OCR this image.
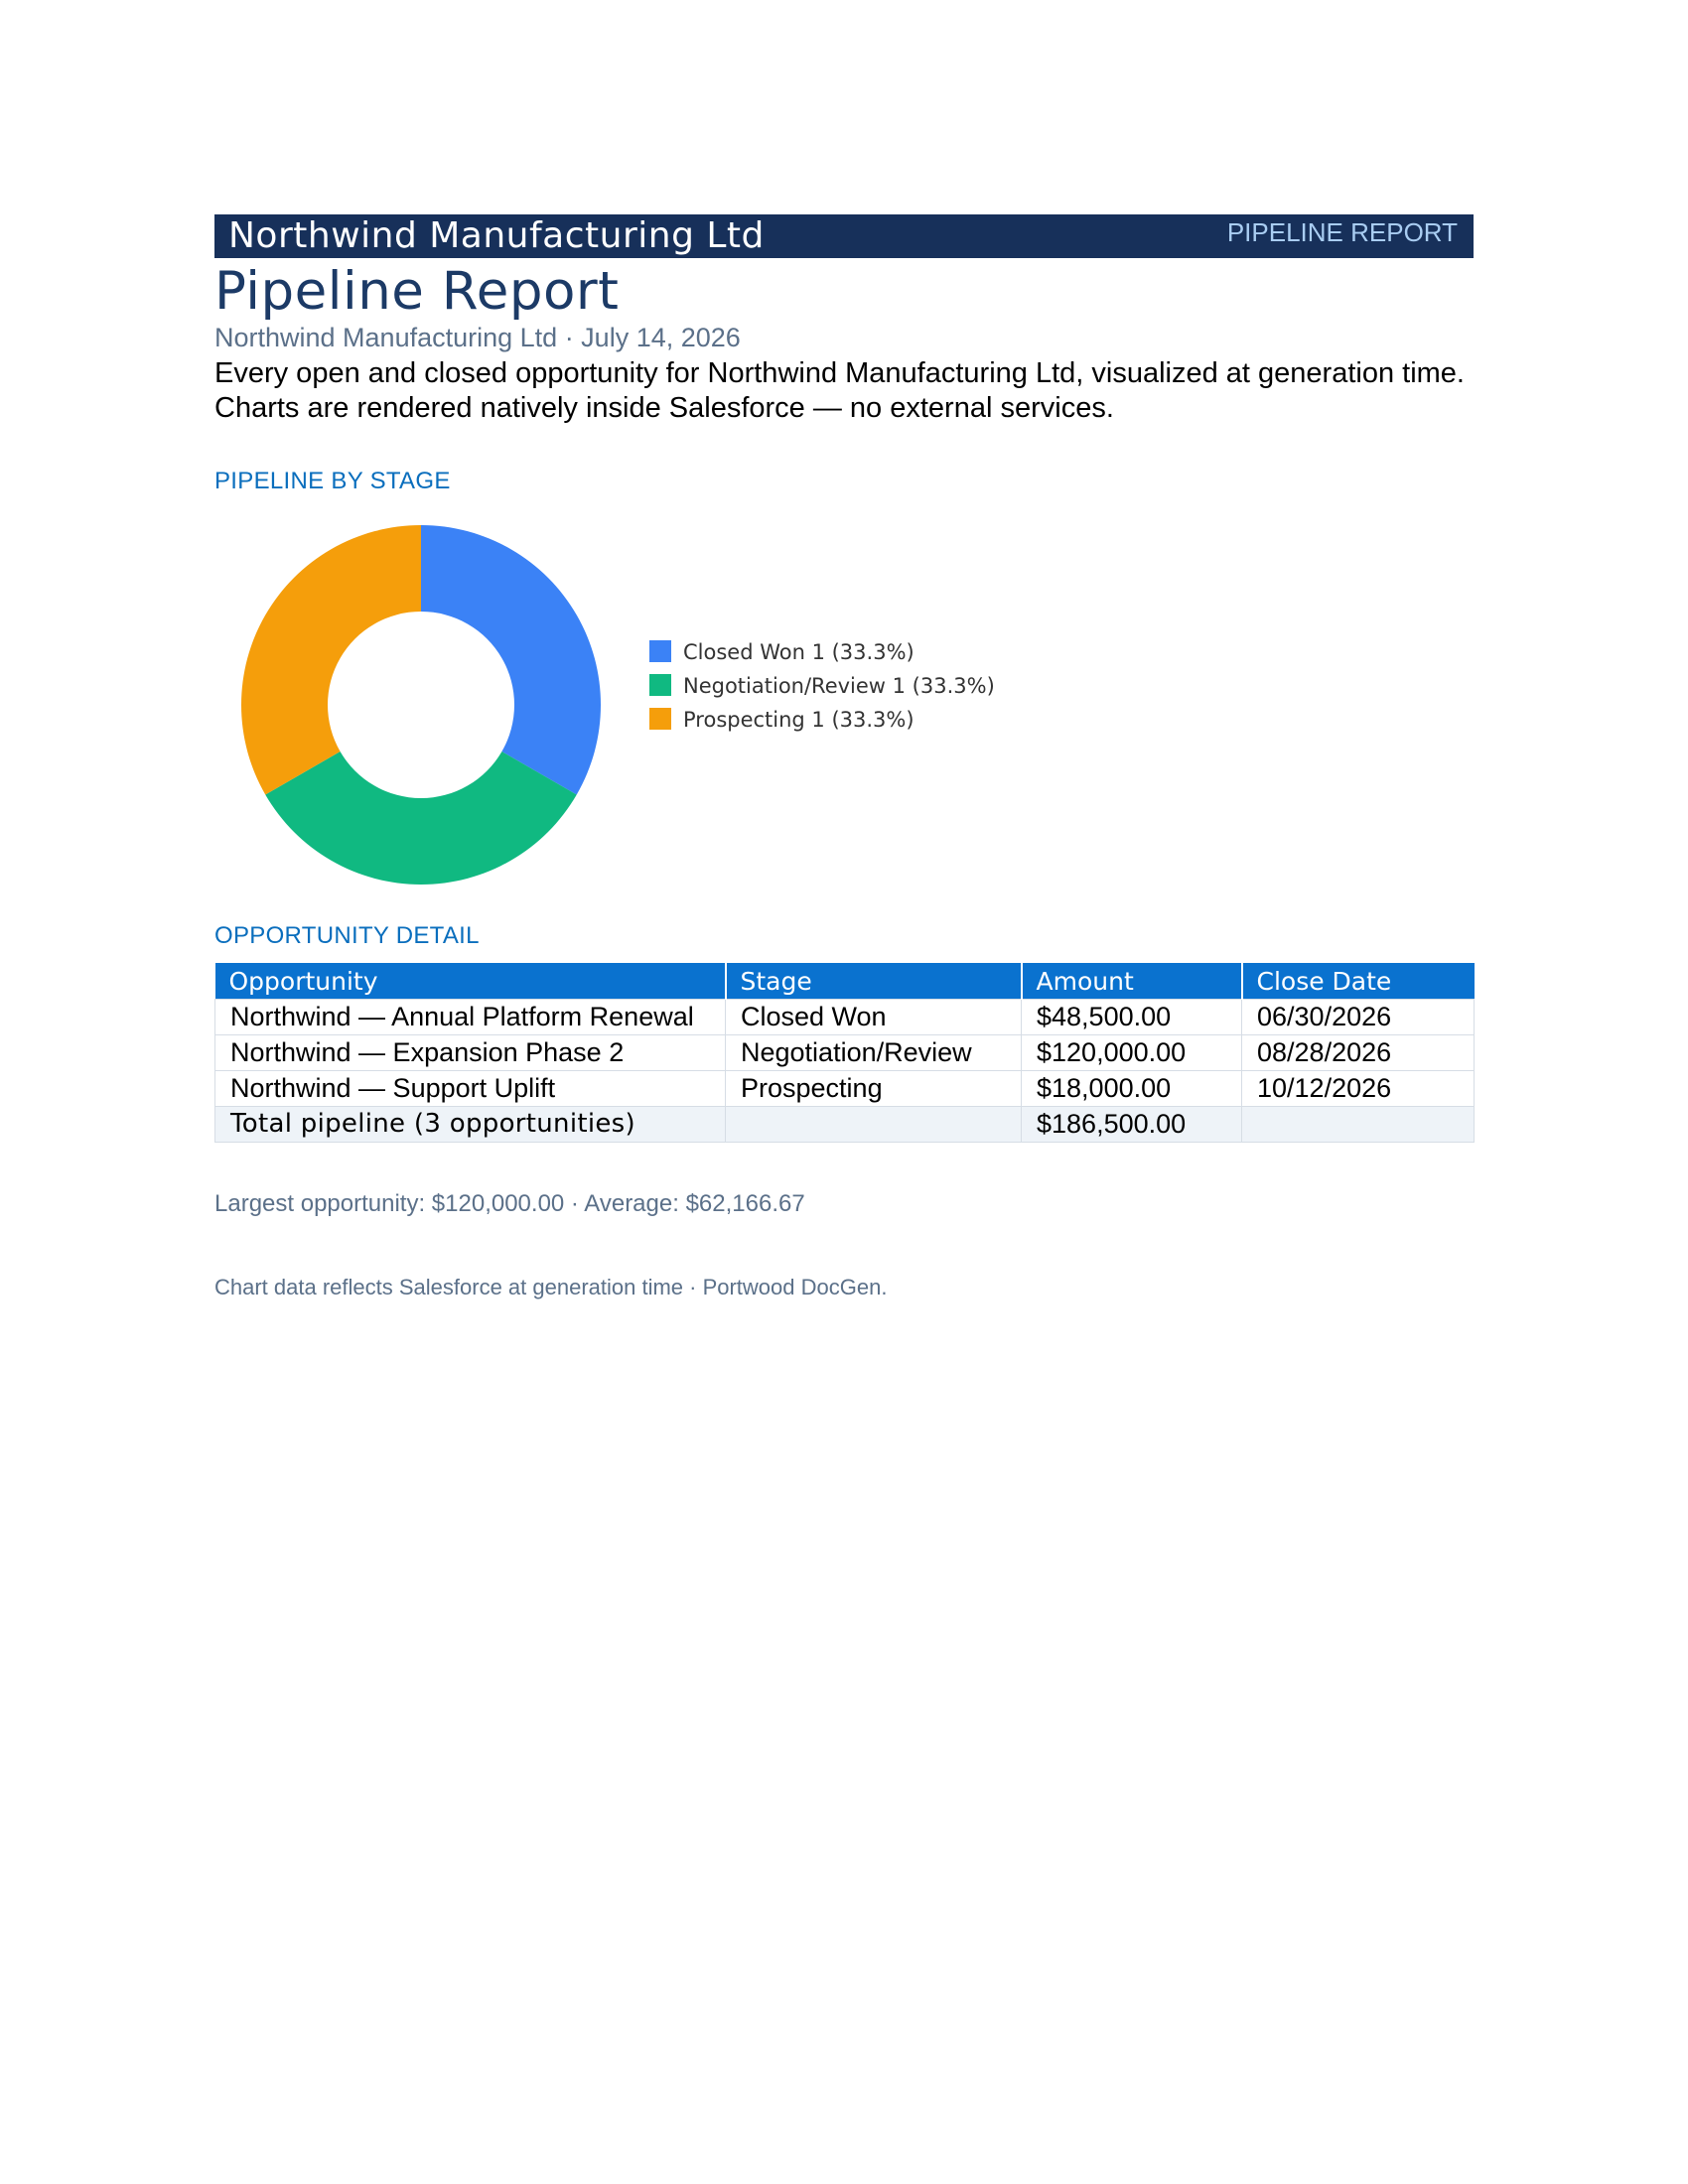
Northwind Manufacturing Ltd	PIPELINE REPORT
Pipeline Report
Northwind Manufacturing Ltd · July 14, 2026
Every open and closed opportunity for Northwind Manufacturing Ltd, visualized at generation time. Charts are rendered natively inside Salesforce — no external services.
PIPELINE BY STAGE
Closed Won 1 (33.3%)
Negotiation/Review 1 (33.3%)
Prospecting 1 (33.3%)
OPPORTUNITY DETAIL
Opportunity	Stage	Amount	Close Date
Northwind — Annual Platform Renewal	Closed Won	$48,500.00	06/30/2026
Northwind — Expansion Phase 2	Negotiation/Review	$120,000.00	08/28/2026
Northwind — Support Uplift	Prospecting	$18,000.00	10/12/2026
Total pipeline (3 opportunities)		$186,500.00	
Largest opportunity: $120,000.00 · Average: $62,166.67
Chart data reflects Salesforce at generation time · Portwood DocGen.
